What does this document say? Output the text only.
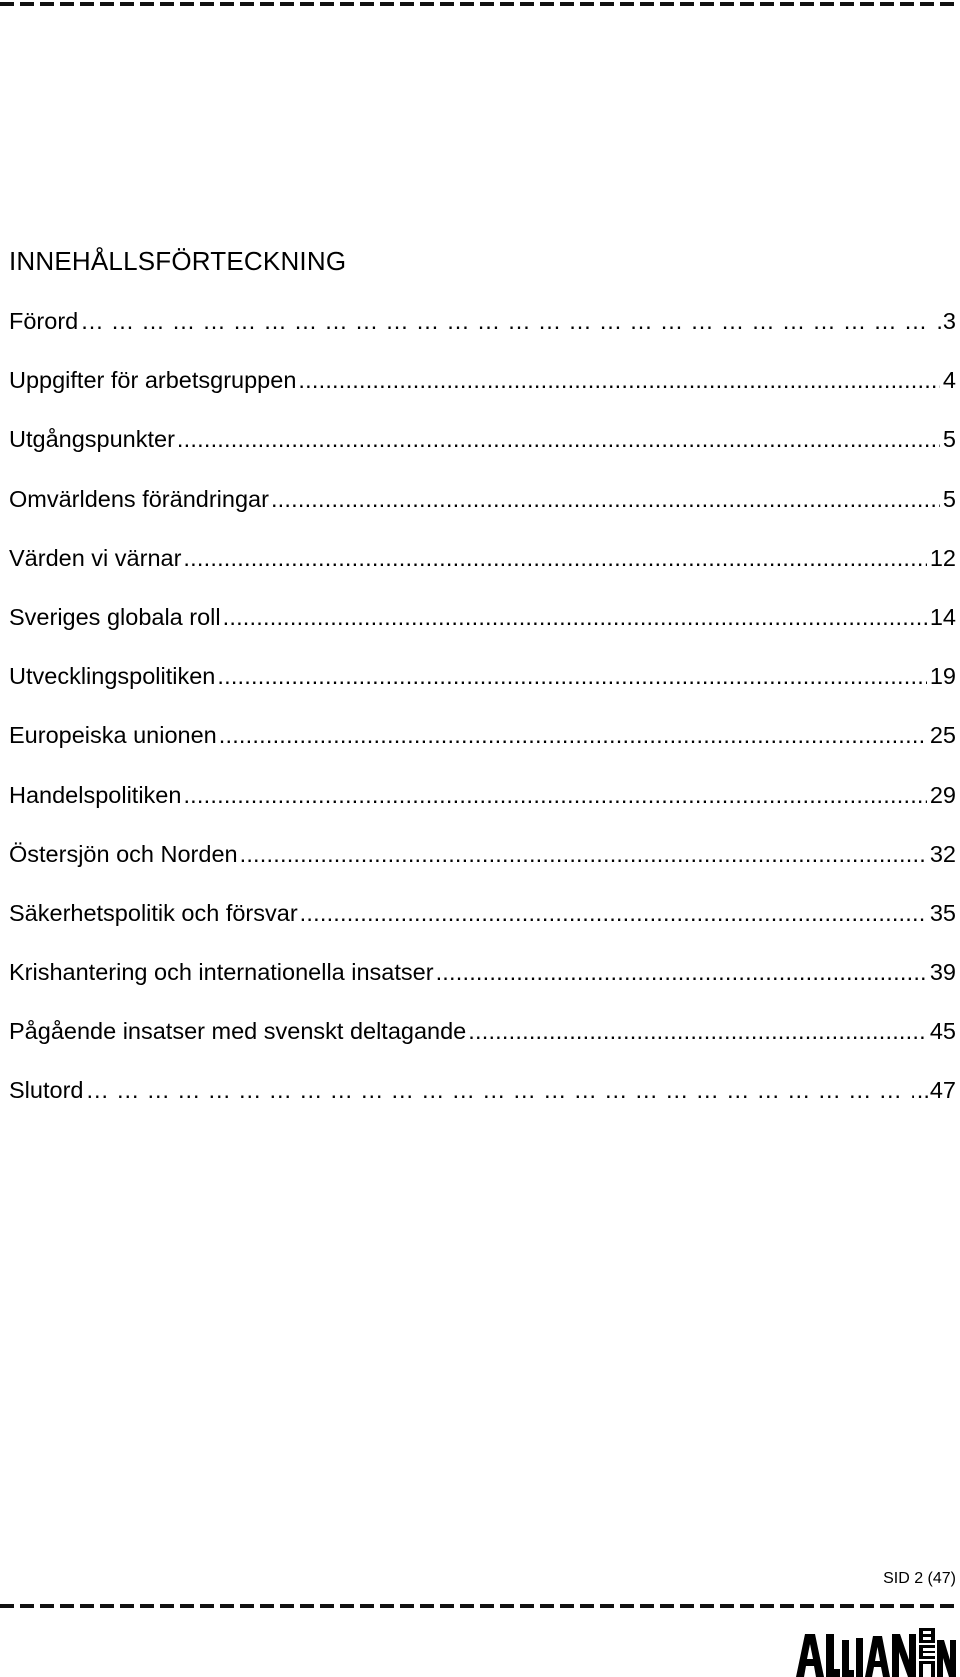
INNEHÅLLSFÖRTECKNING
Förord ……………………………………………………………………………………………………………………………………………………	.3
Uppgifter för arbetsgruppen .....	4
Utgångspunkter .....	5
Omvärldens förändringar .....	5
Värden vi värnar .....	12
Sveriges globala roll .....	14
Utvecklingspolitiken .....	19
Europeiska unionen .....	25
Handelspolitiken .....	29
Östersjön och Norden .....	32
Säkerhetspolitik och försvar .....	35
Krishantering och internationella insatser .....	39
Pågående insatser med svenskt deltagande .....	45
Slutord ……………………………………………………………………………………………………………………………………………………	..47
SID 2 (47)
